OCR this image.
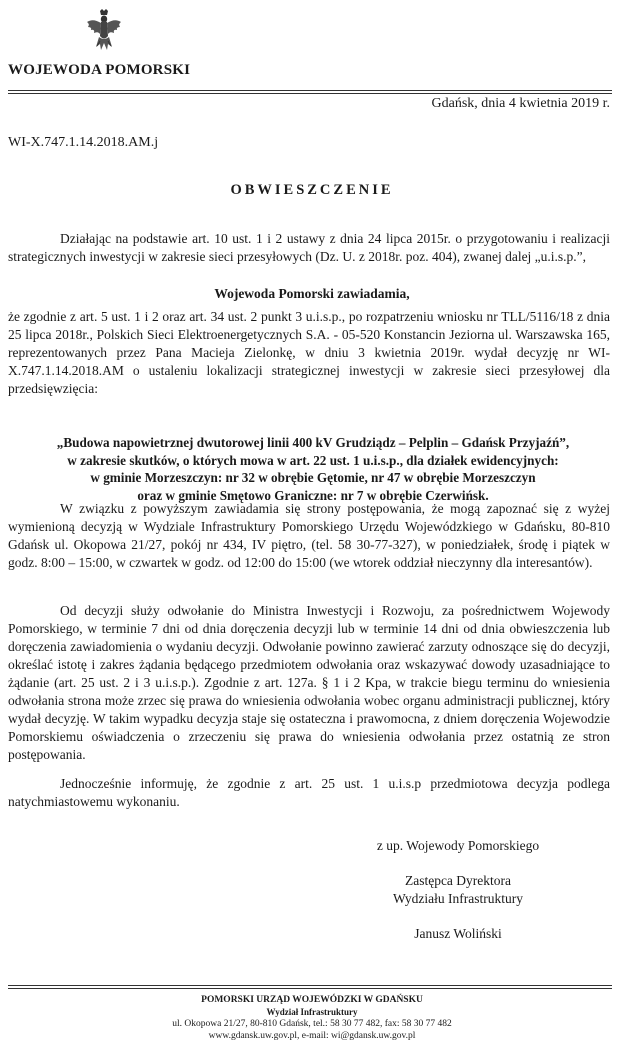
WOJEWODA POMORSKI
Gdańsk, dnia 4 kwietnia 2019 r.
WI-X.747.1.14.2018.AM.j
OBWIESZCZENIE
Działając na podstawie art. 10 ust. 1 i 2 ustawy z dnia 24 lipca 2015r. o przygotowaniu i realizacji strategicznych inwestycji w zakresie sieci przesyłowych (Dz. U. z 2018r. poz. 404), zwanej dalej „u.i.s.p.”,
Wojewoda Pomorski zawiadamia,
że zgodnie z art. 5 ust. 1 i 2 oraz art. 34 ust. 2 punkt 3 u.i.s.p., po rozpatrzeniu wniosku nr TLL/5116/18 z dnia 25 lipca 2018r., Polskich Sieci Elektroenergetycznych S.A. - 05-520 Konstancin Jeziorna ul. Warszawska 165, reprezentowanych przez Pana Macieja Zielonkę, w dniu 3 kwietnia 2019r. wydał decyzję nr WI-X.747.1.14.2018.AM o ustaleniu lokalizacji strategicznej inwestycji w zakresie sieci przesyłowej dla przedsięwzięcia:
„Budowa napowietrznej dwutorowej linii 400 kV Grudziądz – Pelplin – Gdańsk Przyjaźń”,
w zakresie skutków, o których mowa w art. 22 ust. 1 u.i.s.p., dla działek ewidencyjnych:
w gminie Morzeszczyn: nr 32 w obrębie Gętomie, nr 47 w obrębie Morzeszczyn
oraz w gminie Smętowo Graniczne: nr 7 w obrębie Czerwińsk.
W związku z powyższym zawiadamia się strony postępowania, że mogą zapoznać się z wyżej wymienioną decyzją w Wydziale Infrastruktury Pomorskiego Urzędu Wojewódzkiego w Gdańsku, 80-810 Gdańsk ul. Okopowa 21/27, pokój nr 434, IV piętro, (tel. 58 30-77-327), w poniedziałek, środę i piątek w godz. 8:00 – 15:00, w czwartek w godz. od 12:00 do 15:00 (we wtorek oddział nieczynny dla interesantów).
Od decyzji służy odwołanie do Ministra Inwestycji i Rozwoju, za pośrednictwem Wojewody Pomorskiego, w terminie 7 dni od dnia doręczenia decyzji lub w terminie 14 dni od dnia obwieszczenia lub doręczenia zawiadomienia o wydaniu decyzji. Odwołanie powinno zawierać zarzuty odnoszące się do decyzji, określać istotę i zakres żądania będącego przedmiotem odwołania oraz wskazywać dowody uzasadniające to żądanie (art. 25 ust. 2 i 3 u.i.s.p.). Zgodnie z art. 127a. § 1 i 2 Kpa, w trakcie biegu terminu do wniesienia odwołania strona może zrzec się prawa do wniesienia odwołania wobec organu administracji publicznej, który wydał decyzję. W takim wypadku decyzja staje się ostateczna i prawomocna, z dniem doręczenia Wojewodzie Pomorskiemu oświadczenia o zrzeczeniu się prawa do wniesienia odwołania przez ostatnią ze stron postępowania.
Jednocześnie informuję, że zgodnie z art. 25 ust. 1 u.i.s.p przedmiotowa decyzja podlega natychmiastowemu wykonaniu.
z up. Wojewody Pomorskiego
Zastępca Dyrektora
Wydziału Infrastruktury
Janusz Woliński
POMORSKI URZĄD WOJEWÓDZKI W GDAŃSKU
Wydział Infrastruktury
ul. Okopowa 21/27, 80-810 Gdańsk, tel.: 58 30 77 482, fax: 58 30 77 482
www.gdansk.uw.gov.pl, e-mail: wi@gdansk.uw.gov.pl
